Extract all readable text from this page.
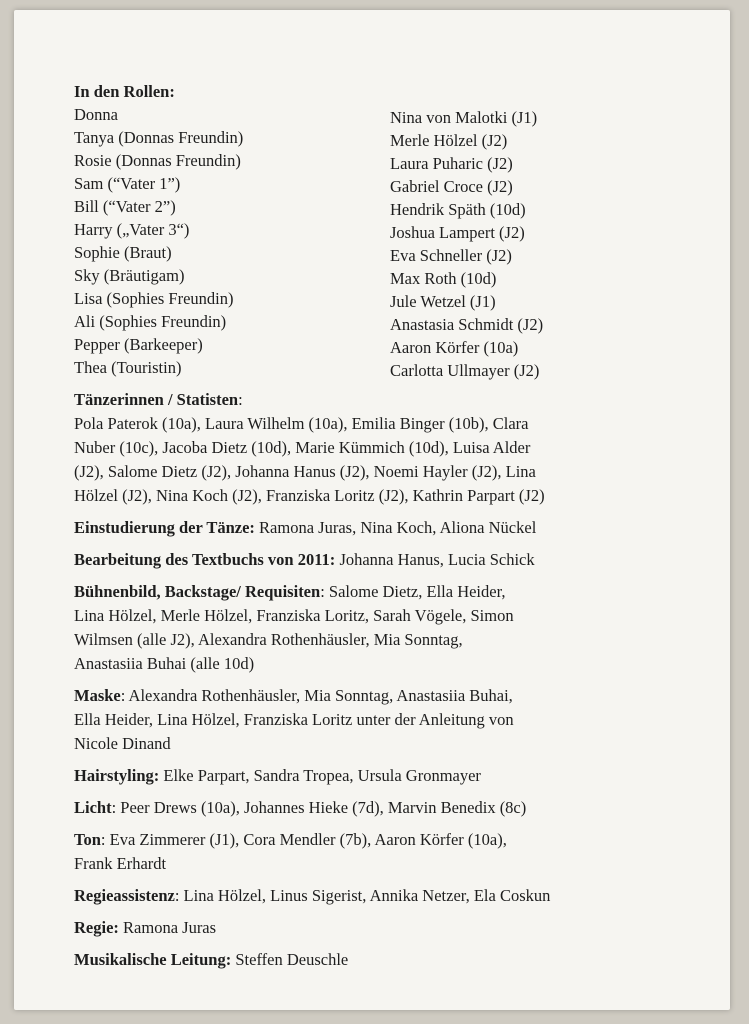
In den Rollen:
Donna
Tanya (Donnas Freundin)
Rosie (Donnas Freundin)
Sam (“Vater 1”)
Bill (“Vater 2”)
Harry („Vater 3“)
Sophie (Braut)
Sky (Bräutigam)
Lisa (Sophies Freundin)
Ali (Sophies Freundin)
Pepper (Barkeeper)
Thea (Touristin)
Nina von Malotki (J1)
Merle Hölzel (J2)
Laura Puharic (J2)
Gabriel Croce (J2)
Hendrik Späth (10d)
Joshua Lampert (J2)
Eva Schneller (J2)
Max Roth (10d)
Jule Wetzel (J1)
Anastasia Schmidt (J2)
Aaron Körfer (10a)
Carlotta Ullmayer (J2)
Tänzerinnen / Statisten:
Pola Paterok (10a), Laura Wilhelm (10a), Emilia Binger (10b), Clara
Nuber (10c), Jacoba Dietz (10d), Marie Kümmich (10d), Luisa Alder
(J2), Salome Dietz (J2), Johanna Hanus (J2), Noemi Hayler (J2), Lina
Hölzel (J2), Nina Koch (J2), Franziska Loritz (J2), Kathrin Parpart (J2)
Einstudierung der Tänze: Ramona Juras, Nina Koch, Aliona Nückel
Bearbeitung des Textbuchs von 2011: Johanna Hanus, Lucia Schick
Bühnenbild, Backstage/ Requisiten: Salome Dietz, Ella Heider,
Lina Hölzel, Merle Hölzel, Franziska Loritz, Sarah Vögele, Simon
Wilmsen (alle J2), Alexandra Rothenhäusler, Mia Sonntag,
Anastasiia Buhai (alle 10d)
Maske: Alexandra Rothenhäusler, Mia Sonntag, Anastasiia Buhai,
Ella Heider, Lina Hölzel, Franziska Loritz unter der Anleitung von
Nicole Dinand
Hairstyling: Elke Parpart, Sandra Tropea, Ursula Gronmayer
Licht: Peer Drews (10a), Johannes Hieke (7d), Marvin Benedix (8c)
Ton: Eva Zimmerer (J1), Cora Mendler (7b), Aaron Körfer (10a),
Frank Erhardt
Regieassistenz: Lina Hölzel, Linus Sigerist, Annika Netzer, Ela Coskun
Regie: Ramona Juras
Musikalische Leitung: Steffen Deuschle
